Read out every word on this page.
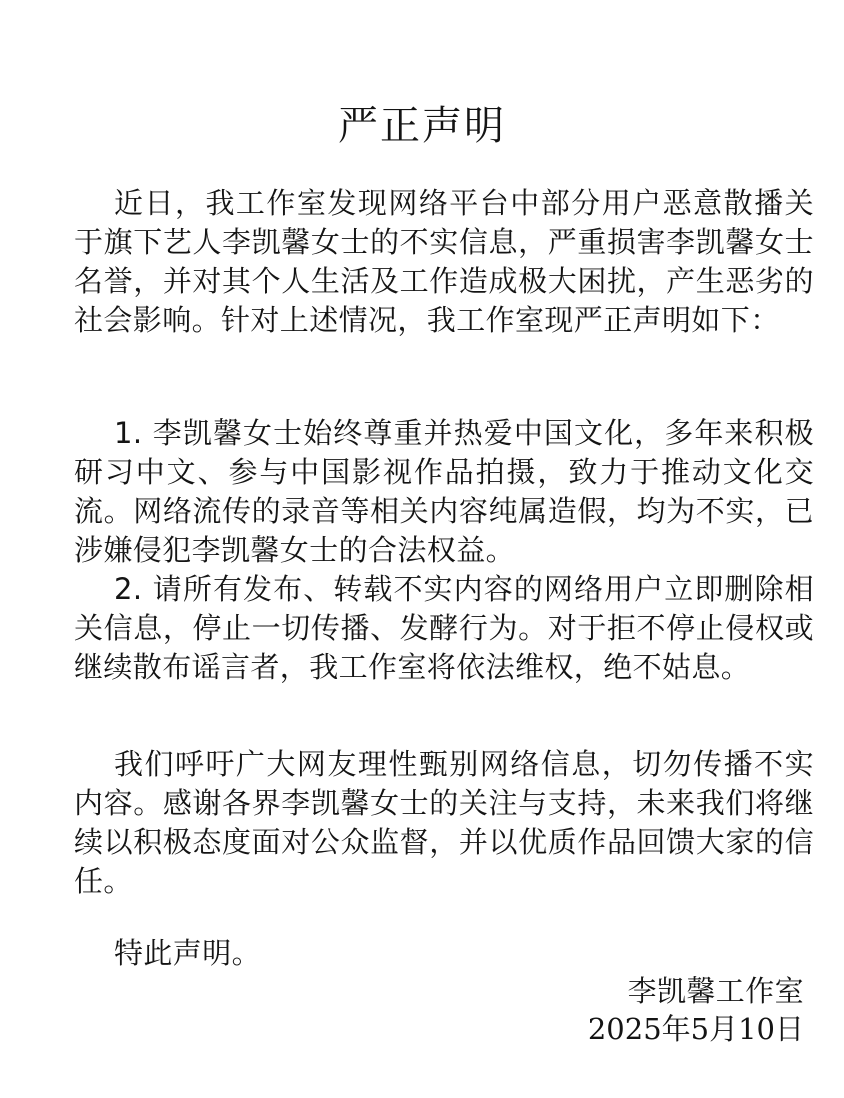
严正声明

近日，我工作室发现网络平台中部分用户恶意散播关于旗下艺人李凯馨女士的不实信息，严重损害李凯馨女士名誉，并对其个人生活及工作造成极大困扰，产生恶劣的社会影响。针对上述情况，我工作室现严正声明如下：

1. 李凯馨女士始终尊重并热爱中国文化，多年来积极研习中文、参与中国影视作品拍摄，致力于推动文化交流。网络流传的录音等相关内容纯属造假，均为不实，已涉嫌侵犯李凯馨女士的合法权益。

2. 请所有发布、转载不实内容的网络用户立即删除相关信息，停止一切传播、发酵行为。对于拒不停止侵权或继续散布谣言者，我工作室将依法维权，绝不姑息。

我们呼吁广大网友理性甄别网络信息，切勿传播不实内容。感谢各界李凯馨女士的关注与支持，未来我们将继续以积极态度面对公众监督，并以优质作品回馈大家的信任。

特此声明。
李凯馨工作室
2025年5月10日
